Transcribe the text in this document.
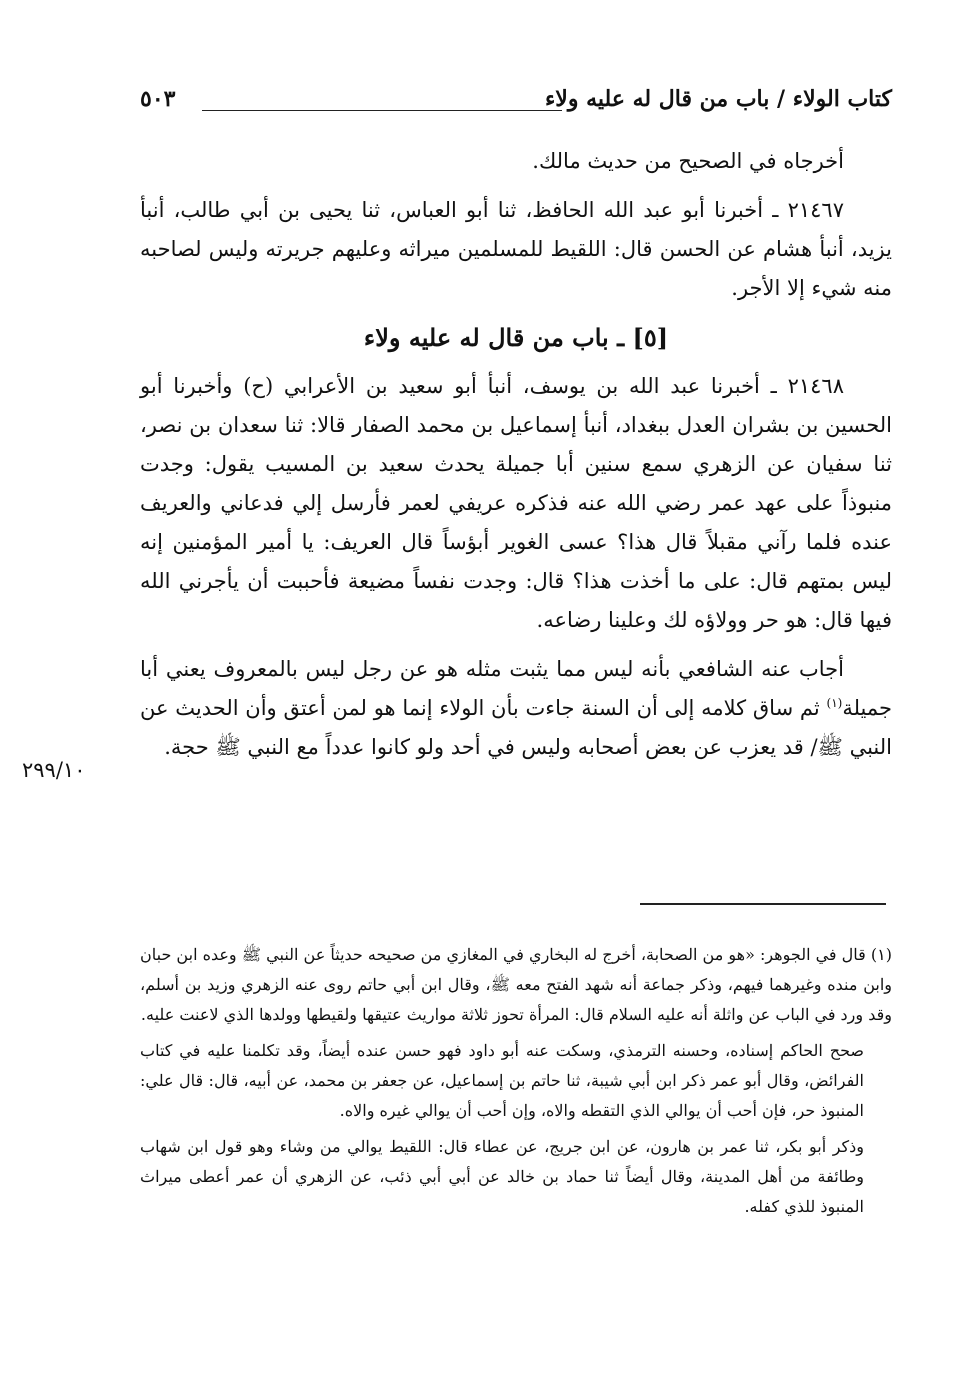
كتاب الولاء / باب من قال له عليه ولاء
٥٠٣

أخرجاه في الصحيح من حديث مالك.

٢١٤٦٧ ـ أخبرنا أبو عبد الله الحافظ، ثنا أبو العباس، ثنا يحيى بن أبي طالب، أنبأ يزيد، أنبأ هشام عن الحسن قال: اللقيط للمسلمين ميراثه وعليهم جريرته وليس لصاحبه منه شيء إلا الأجر.

[٥] ـ باب من قال له عليه ولاء

٢١٤٦٨ ـ أخبرنا عبد الله بن يوسف، أنبأ أبو سعيد بن الأعرابي (ح) وأخبرنا أبو الحسين بن بشران العدل ببغداد، أنبأ إسماعيل بن محمد الصفار قالا: ثنا سعدان بن نصر، ثنا سفيان عن الزهري سمع سنين أبا جميلة يحدث سعيد بن المسيب يقول: وجدت منبوذاً على عهد عمر رضي الله عنه فذكره عريفي لعمر فأرسل إلي فدعاني والعريف عنده فلما رآني مقبلاً قال هذا؟ عسى الغوير أبؤساً قال العريف: يا أمير المؤمنين إنه ليس بمتهم قال: على ما أخذت هذا؟ قال: وجدت نفساً مضيعة فأحببت أن يأجرني الله فيها قال: هو حر وولاؤه لك وعلينا رضاعه.

أجاب عنه الشافعي بأنه ليس مما يثبت مثله هو عن رجل ليس بالمعروف يعني أبا جميلة$^{(١)}$ ثم ساق كلامه إلى أن السنة جاءت بأن الولاء إنما هو لمن أعتق وأن الحديث عن النبي ﷺ/ قد يعزب عن بعض أصحابه وليس في أحد ولو كانوا عدداً مع النبي ﷺ حجة.

٢٩٩/١٠

(١) قال في الجوهر: «هو من الصحابة، أخرج له البخاري في المغازي من صحيحه حديثاً عن النبي ﷺ وعده ابن حبان وابن منده وغيرهما فيهم، وذكر جماعة أنه شهد الفتح معه ﷺ، وقال ابن أبي حاتم روى عنه الزهري وزيد بن أسلم، وقد ورد في الباب عن واثلة أنه عليه السلام قال: المرأة تحوز ثلاثة مواريث عتيقها ولقيطها وولدها الذي لاعنت عليه.

صحح الحاكم إسناده، وحسنه الترمذي، وسكت عنه أبو داود فهو حسن عنده أيضاً، وقد تكلمنا عليه في كتاب الفرائض، وقال أبو عمر ذكر ابن أبي شيبة، ثنا حاتم بن إسماعيل، عن جعفر بن محمد، عن أبيه، قال: قال علي: المنبوذ حر، فإن أحب أن يوالي الذي التقطه والاه، وإن أحب أن يوالي غيره والاه.

وذكر أبو بكر، ثنا عمر بن هارون، عن ابن جريج، عن عطاء قال: اللقيط يوالي من وشاء وهو قول ابن شهاب وطائفة من أهل المدينة، وقال أيضاً ثنا حماد بن خالد عن أبي أبي ذئب، عن الزهري أن عمر أعطى ميراث المنبوذ للذي كفله.
